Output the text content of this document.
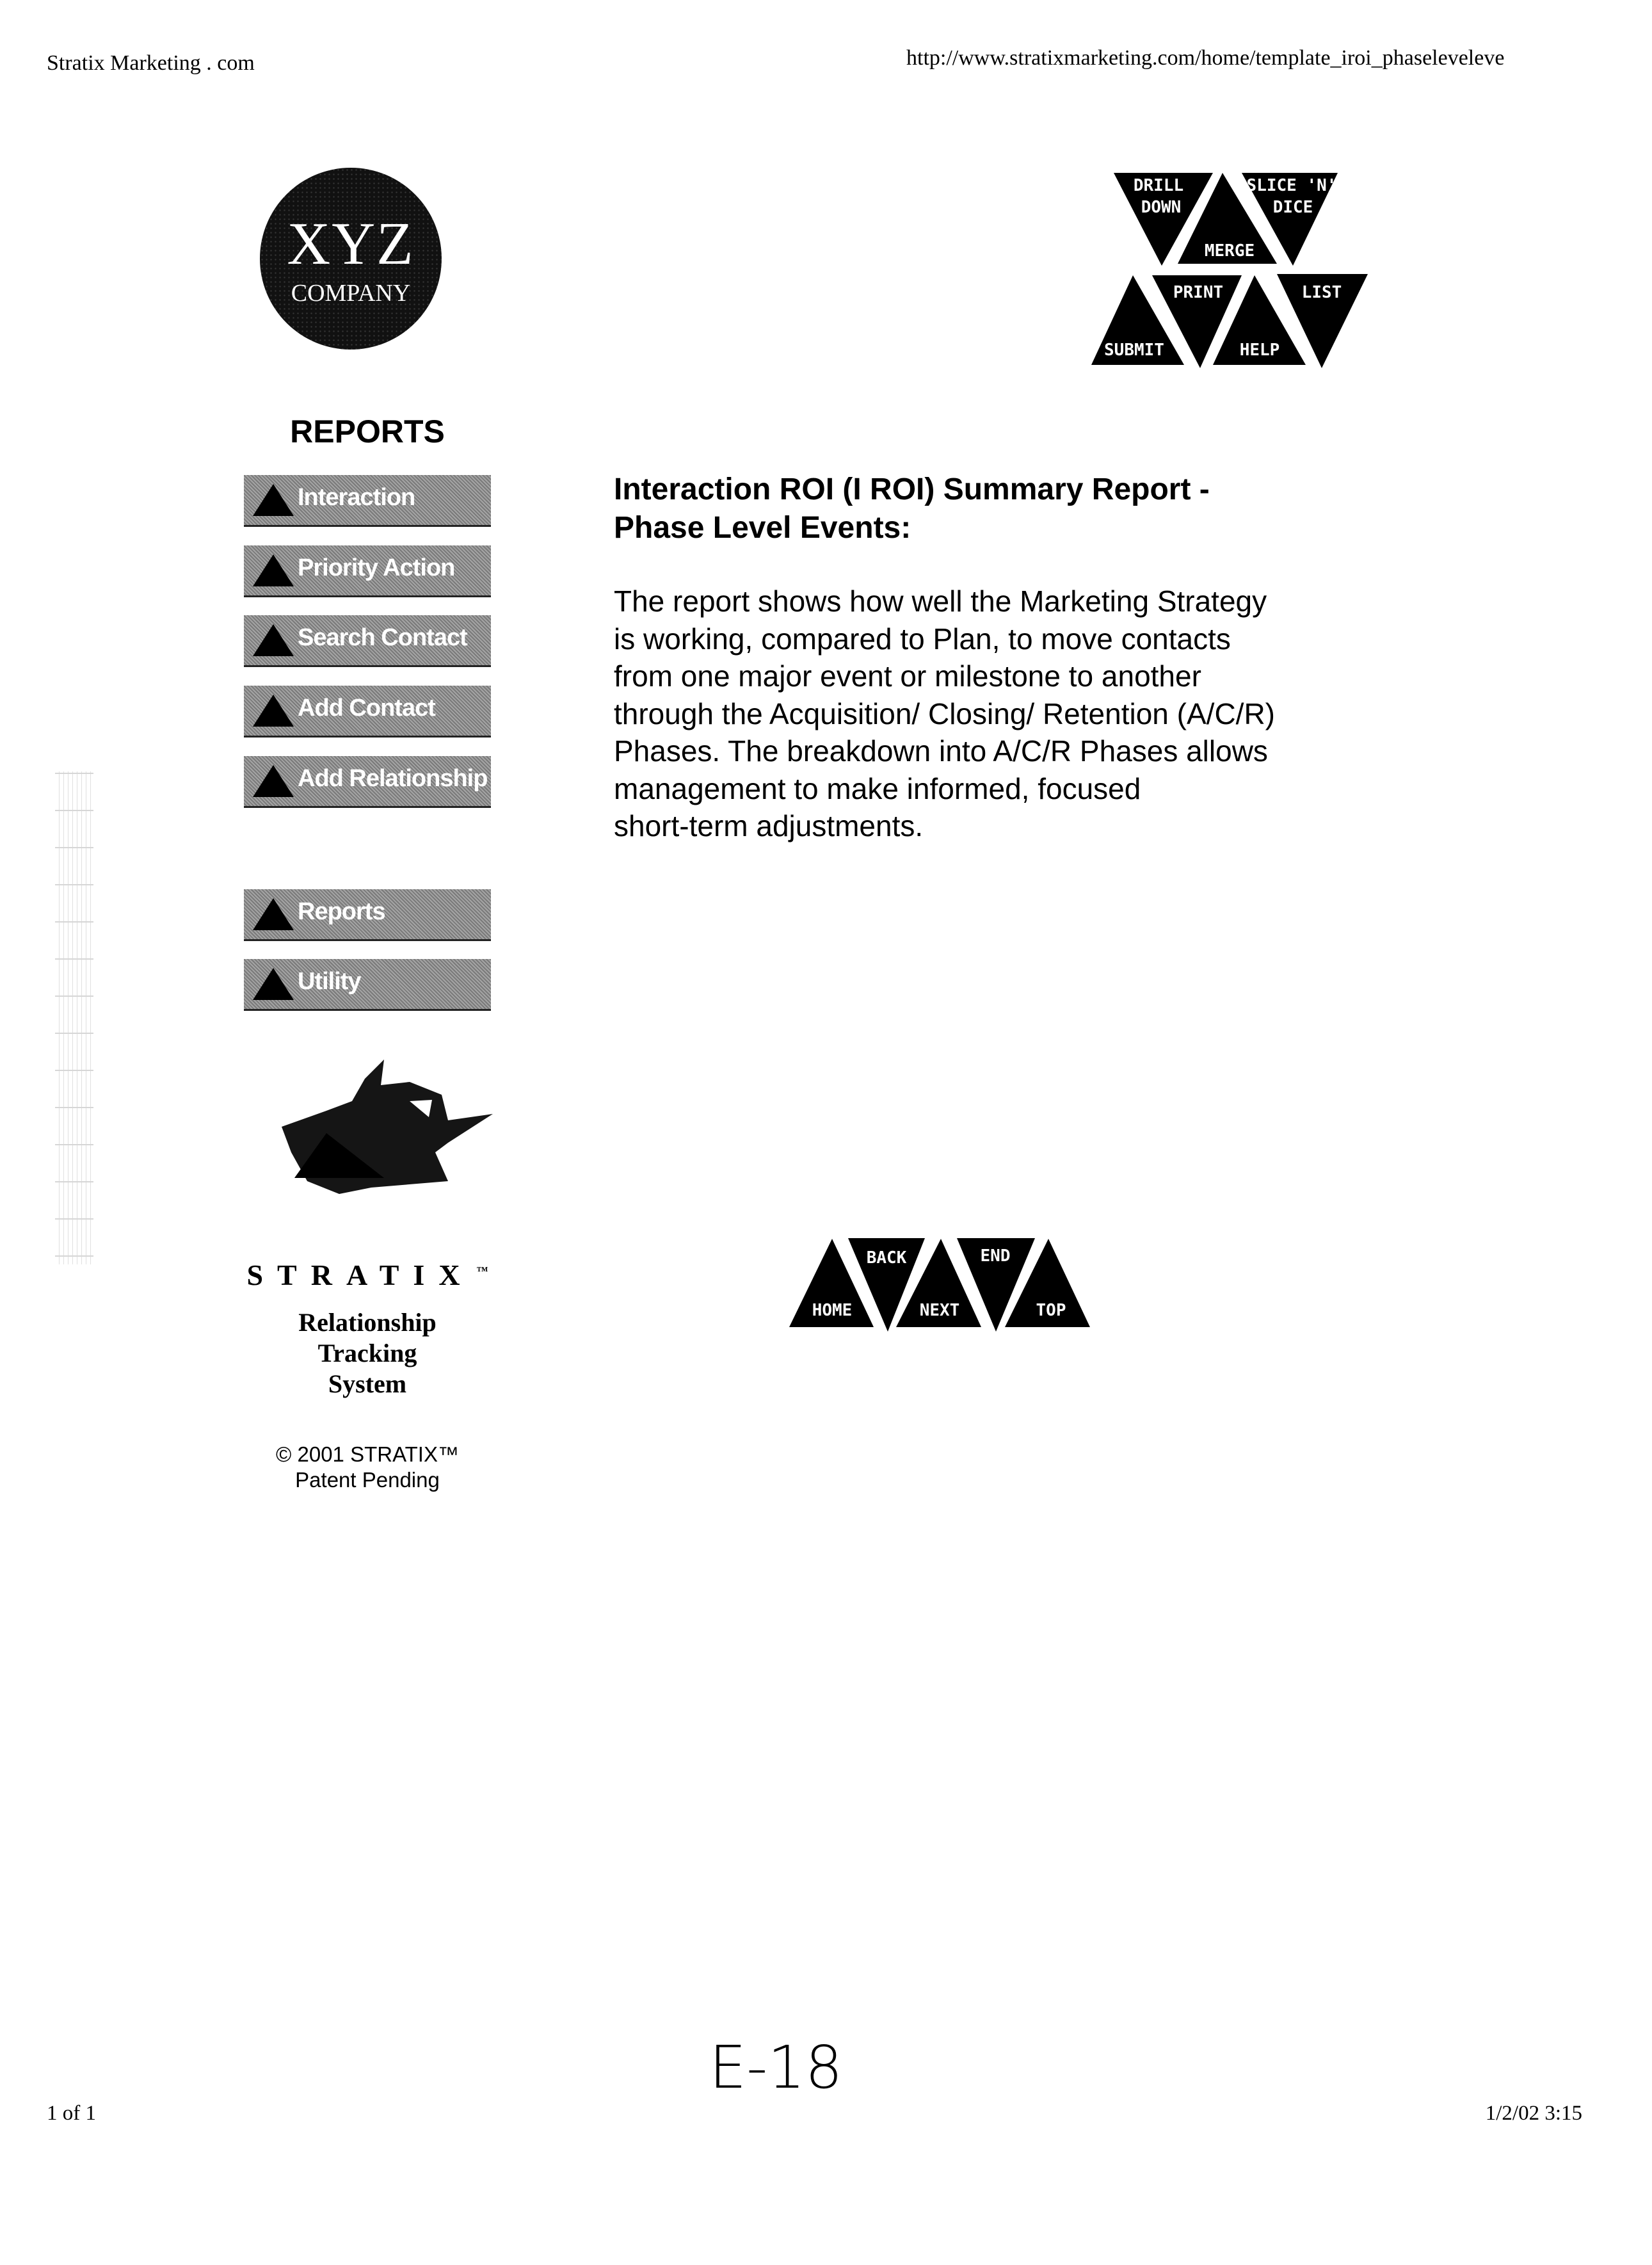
Stratix Marketing . com	http://www.stratixmarketing.com/home/template_iroi_phaseleveleve
XYZ
COMPANY
REPORTS
Interaction
Priority Action
Search Contact
Add Contact
Add Relationship
Reports
Utility
STRATIX ™
Relationship
Tracking
System
© 2001 STRATIX™
Patent Pending
Interaction ROI (I ROI) Summary Report -
Phase Level Events:
The report shows how well the Marketing Strategy
is working, compared to Plan, to move contacts
from one major event or milestone to another
through the Acquisition/ Closing/ Retention (A/C/R)
Phases. The breakdown into A/C/R Phases allows
management to make informed, focused
short-term adjustments.
DRILL
DOWN
MERGE
SLICE 'N'
DICE
SUBMIT
PRINT
HELP
LIST
HOME
BACK
NEXT
END
TOP
E-18
1 of 1	1/2/02 3:15
